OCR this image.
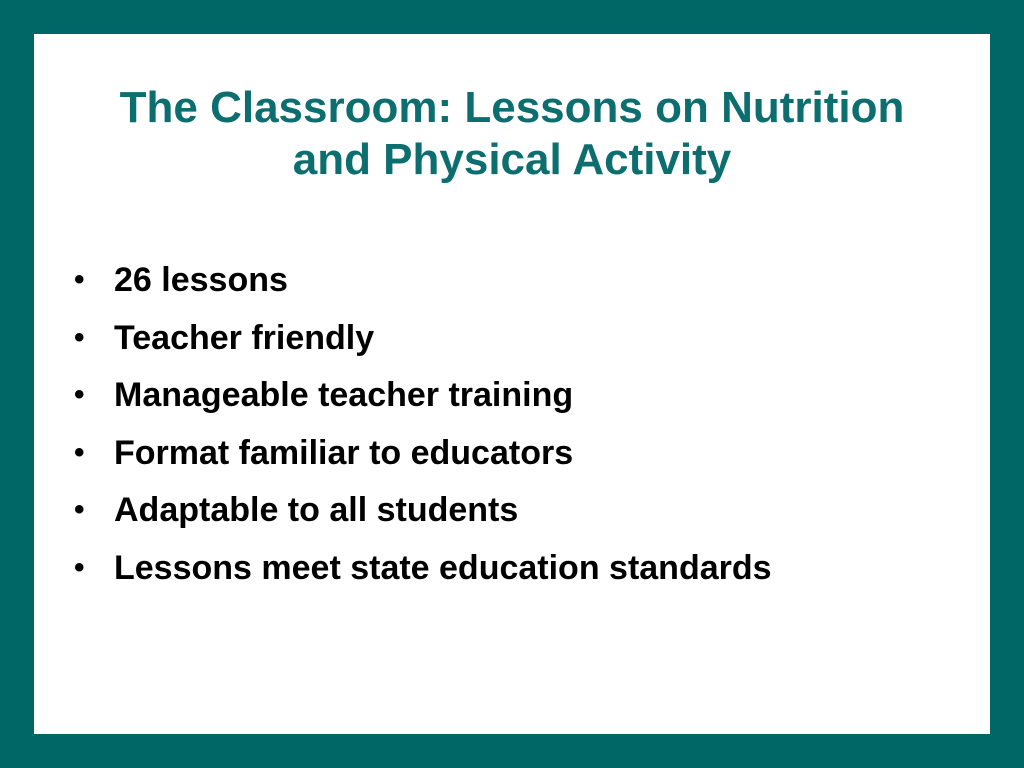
The Classroom: Lessons on Nutrition
and Physical Activity
• 26 lessons
• Teacher friendly
• Manageable teacher training
• Format familiar to educators
• Adaptable to all students
• Lessons meet state education standards
